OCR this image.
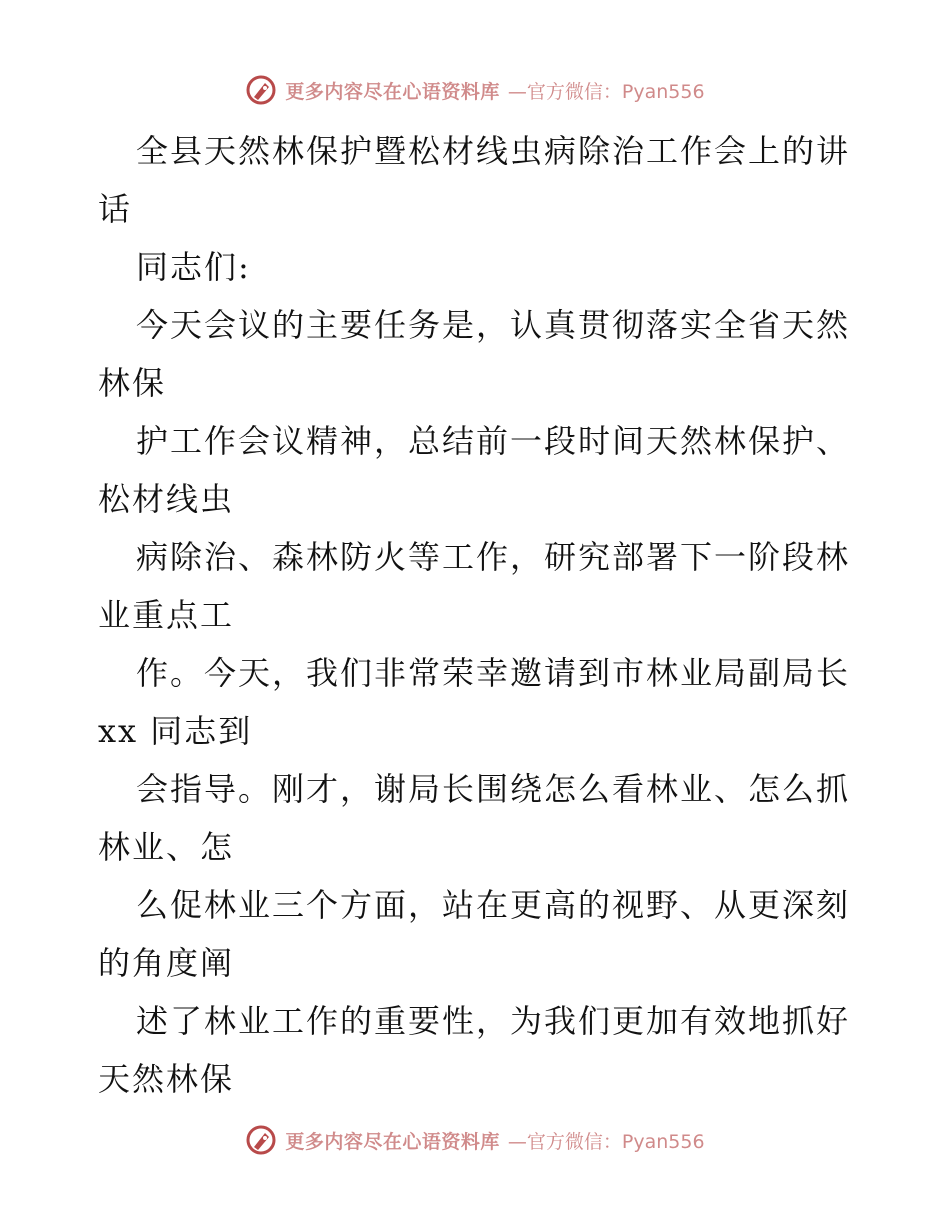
更多内容尽在心语资料库 —官方微信：Pyan556
全县天然林保护暨松材线虫病除治工作会上的讲
话
同志们:
今天会议的主要任务是，认真贯彻落实全省天然
林保
护工作会议精神，总结前一段时间天然林保护、
松材线虫
病除治、森林防火等工作，研究部署下一阶段林
业重点工
作。今天，我们非常荣幸邀请到市林业局副局长
xx 同志到
会指导。刚才，谢局长围绕怎么看林业、怎么抓
林业、怎
么促林业三个方面，站在更高的视野、从更深刻
的角度阐
述了林业工作的重要性，为我们更加有效地抓好
天然林保
更多内容尽在心语资料库 —官方微信：Pyan556
